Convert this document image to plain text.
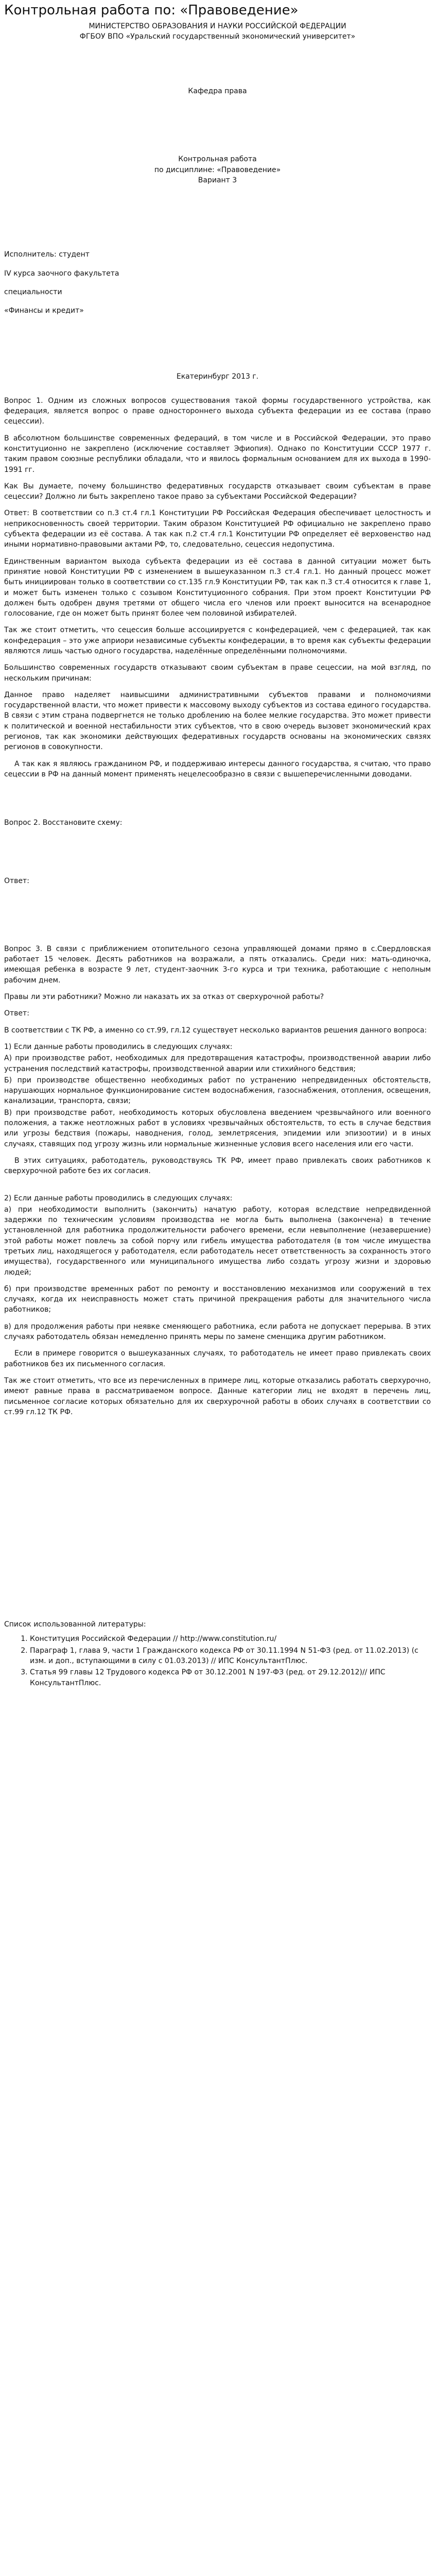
Контрольная работа по: «Правоведение»

МИНИСТЕРСТВО ОБРАЗОВАНИЯ И НАУКИ РОССИЙСКОЙ ФЕДЕРАЦИИ

ФГБОУ ВПО «Уральский государственный экономический университет»

Кафедра права

Контрольная работа

по дисциплине: «Правоведение»

Вариант 3

Исполнитель: студент

IV курса заочного факультета

специальности

«Финансы и кредит»

Екатеринбург 2013 г.

Вопрос 1. Одним из сложных вопросов существования такой формы государственного устройства, как федерация, является вопрос о праве одностороннего выхода субъекта федерации из ее состава (право сецессии).

В абсолютном большинстве современных федераций, в том числе и в Российской Федерации, это право конституционно не закреплено (исключение составляет Эфиопия). Однако по Конституции СССР 1977 г. таким правом союзные республики обладали, что и явилось формальным основанием для их выхода в 1990-1991 гг.

Как Вы думаете, почему большинство федеративных государств отказывает своим субъектам в праве сецессии? Должно ли быть закреплено такое право за субъектами Российской Федерации?

Ответ: В соответствии со п.3 ст.4 гл.1 Конституции РФ Российская Федерация обеспечивает целостность и неприкосновенность своей территории. Таким образом Конституцией РФ официально не закреплено право субъекта федерации из её состава. А так как п.2 ст.4 гл.1 Конституции РФ определяет её верховенство над иными нормативно-правовыми актами РФ, то, следовательно, сецессия недопустима.

Единственным вариантом выхода субъекта федерации из её состава в данной ситуации может быть принятие новой Конституции РФ с изменением в вышеуказанном п.3 ст.4 гл.1. Но данный процесс может быть инициирован только в соответствии со ст.135 гл.9 Конституции РФ, так как п.3 ст.4 относится к главе 1, и может быть изменен только с созывом Конституционного собрания. При этом проект Конституции РФ должен быть одобрен двумя третями от общего числа его членов или проект выносится на всенародное голосование, где он может быть принят более чем половиной избирателей.

Так же стоит отметить, что сецессия больше ассоциируется с конфедерацией, чем с федерацией, так как конфедерация – это уже априори независимые субъекты конфедерации, в то время как субъекты федерации являются лишь частью одного государства, наделённые определёнными полномочиями.

Большинство современных государств отказывают своим субъектам в праве сецессии, на мой взгляд, по нескольким причинам:

Данное право наделяет наивысшими административными субъектов правами и полномочиями государственной власти, что может привести к массовому выходу субъектов из состава единого государства. В связи с этим страна подвергнется не только дроблению на более мелкие государства. Это может привести к политической и военной нестабильности этих субъектов, что в свою очередь вызовет экономический крах регионов, так как экономики действующих федеративных государств основаны на экономических связях регионов в совокупности.

А так как я являюсь гражданином РФ, и поддерживаю интересы данного государства, я считаю, что право сецессии в РФ на данный момент применять нецелесообразно в связи с вышеперечисленными доводами.

Вопрос 2. Восстановите схему:

Ответ:

Вопрос 3. В связи с приближением отопительного сезона управляющей домами прямо в с.Свердловская работает 15 человек. Десять работников на возражали, а пять отказались. Среди них: мать-одиночка, имеющая ребенка в возрасте 9 лет, студент-заочник 3-го курса и три техника, работающие с неполным рабочим днем.

Правы ли эти работники? Можно ли наказать их за отказ от сверхурочной работы?

Ответ:

В соответствии с ТК РФ, а именно со ст.99, гл.12 существует несколько вариантов решения данного вопроса:

1) Если данные работы проводились в следующих случаях:

А) при производстве работ, необходимых для предотвращения катастрофы, производственной аварии либо устранения последствий катастрофы, производственной аварии или стихийного бедствия;

Б) при производстве общественно необходимых работ по устранению непредвиденных обстоятельств, нарушающих нормальное функционирование систем водоснабжения, газоснабжения, отопления, освещения, канализации, транспорта, связи;

В) при производстве работ, необходимость которых обусловлена введением чрезвычайного или военного положения, а также неотложных работ в условиях чрезвычайных обстоятельств, то есть в случае бедствия или угрозы бедствия (пожары, наводнения, голод, землетрясения, эпидемии или эпизоотии) и в иных случаях, ставящих под угрозу жизнь или нормальные жизненные условия всего населения или его части.

В этих ситуациях, работодатель, руководствуясь ТК РФ, имеет право привлекать своих работников к сверхурочной работе без их согласия.

2) Если данные работы проводились в следующих случаях:

а) при необходимости выполнить (закончить) начатую работу, которая вследствие непредвиденной задержки по техническим условиям производства не могла быть выполнена (закончена) в течение установленной для работника продолжительности рабочего времени, если невыполнение (незавершение) этой работы может повлечь за собой порчу или гибель имущества работодателя (в том числе имущества третьих лиц, находящегося у работодателя, если работодатель несет ответственность за сохранность этого имущества), государственного или муниципального имущества либо создать угрозу жизни и здоровью людей;

б) при производстве временных работ по ремонту и восстановлению механизмов или сооружений в тех случаях, когда их неисправность может стать причиной прекращения работы для значительного числа работников;

в) для продолжения работы при неявке сменяющего работника, если работа не допускает перерыва. В этих случаях работодатель обязан немедленно принять меры по замене сменщика другим работником.

Если в примере говорится о вышеуказанных случаях, то работодатель не имеет право привлекать своих работников без их письменного согласия.

Так же стоит отметить, что все из перечисленных в примере лиц, которые отказались работать сверхурочно, имеют равные права в рассматриваемом вопросе. Данные категории лиц не входят в перечень лиц, письменное согласие которых обязательно для их сверхурочной работы в обоих случаях в соответствии со ст.99 гл.12 ТК РФ.

Список использованной литературы:

1. Конституция Российской Федерации // http://www.constitution.ru/
2. Параграф 1, глава 9, части 1 Гражданского кодекса РФ от 30.11.1994 N 51-ФЗ (ред. от 11.02.2013) (с изм. и доп., вступающими в силу с 01.03.2013) // ИПС КонсультантПлюс.
3. Статья 99 главы 12 Трудового кодекса РФ от 30.12.2001 N 197-ФЗ (ред. от 29.12.2012)// ИПС КонсультантПлюс.
